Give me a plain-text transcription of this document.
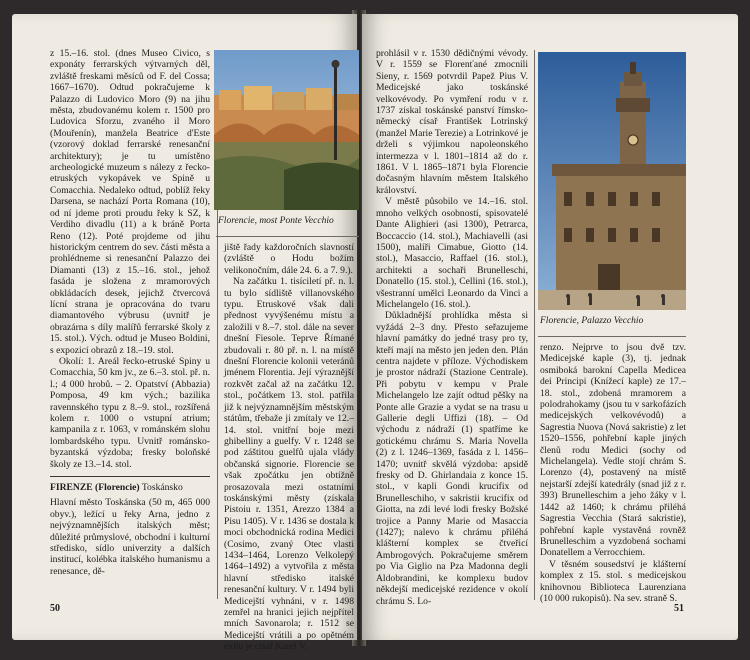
z 15.–16. stol. (dnes Museo Civico, s exponáty ferrarských výtvarných děl, zvláště freskami měsíců od F. del Cossa; 1667–1670). Odtud pokračujeme k Palazzo di Ludovico Moro (9) na jihu města, zbudovanému kolem r. 1500 pro Ludovica Sforzu, zvaného il Moro (Mouřenín), manžela Beatrice d'Este (vzorový doklad ferrarské renesanční architektury); je tu umístěno archeologické muzeum s nálezy z řecko-etruských vykopávek ve Spině u Comacchia. Nedaleko odtud, poblíž řeky Darsena, se nachází Porta Romana (10), od ní jdeme proti proudu řeky k SZ, k Verdiho divadlu (11) a k bráně Porta Reno (12). Poté projdeme od jihu historickým centrem do sev. části města a prohlédneme si renesanční Palazzo dei Diamanti (13) z 15.–16. stol., jehož fasáda je složena z mramorových obkládacích desek, jejichž čtvercová lícní strana je opracována do tvaru diamantového výbrusu (uvnitř je obrazárna s díly malířů ferrarské školy z 15. stol.). Vých. odtud je Museo Boldini, s expozicí obrazů z 18.–19. stol.

Okolí: 1. Areál řecko-etruské Spiny u Comacchia, 50 km jv., ze 6.–3. stol. př. n. l.; 4 000 hrobů. – 2. Opatství (Abbazia) Pomposa, 49 km vých.; bazilika ravennského typu z 8.–9. stol., rozšířená kolem r. 1000 o vstupní atrium; kampanila z r. 1063, v románském slohu lombardského typu. Uvnitř románsko-byzantská výzdoba; fresky boloňské školy ze 13.–14. stol.

FIRENZE (Florencie) Toskánsko

Hlavní město Toskánska (50 m, 465 000 obyv.), ležící u řeky Arna, jedno z nejvýznamnějších italských měst; důležité průmyslové, obchodní i kulturní středisko, sídlo univerzity a dalších institucí, kolébka italského humanismu a renesance, dě-

Florencie, most Ponte Vecchio

jiště řady každoročních slavností (zvláště o Hodu božím velikonočním, dále 24. 6. a 7. 9.).

Na začátku 1. tisíciletí př. n. l. tu bylo sídliště villanovského typu. Etruskové však dali přednost vyvýšenému místu a založili v 8.–7. stol. dále na sever dnešní Fiesole. Teprve Římané zbudovali r. 80 př. n. l. na místě dnešní Florencie kolonii veteránů jménem Florentia. Její výraznější rozkvět začal až na začátku 12. stol., počátkem 13. stol. patřila již k nejvýznamnějším městským státům, třebaže ji zmítaly ve 12.–14. stol. vnitřní boje mezi ghibelliny a guelfy. V r. 1248 se pod záštitou guelfů ujala vlády občanská signorie. Florencie se však zpočátku jen obtížně prosazovala mezi ostatními toskánskými městy (získala Pistoiu r. 1351, Arezzo 1384 a Pisu 1405). V r. 1436 se dostala k moci obchodnická rodina Medici (Cosimo, zvaný Otec vlasti 1434–1464, Lorenzo Velkolepý 1464–1492) a vytvořila z města hlavní středisko italské renesanční kultury. V r. 1494 byli Medicejští vyhnáni, v r. 1498 zemřel na hranici jejich nejpřítel mních Savonarola; r. 1512 se Medicejští vrátili a po opětném exilu je císař Karel V.

50

prohlásil v r. 1530 dědičnými vévody. V r. 1559 se Florenťané zmocnili Sieny, r. 1569 potvrdil Papež Pius V. Medicejské jako toskánské velkovévody. Po vymření rodu v r. 1737 získal toskánské panství římsko-německý císař František Lotrinský (manžel Marie Terezie) a Lotrinkové je drželi s výjimkou napoleonského intermezza v l. 1801–1814 až do r. 1861. V l. 1865–1871 byla Florencie dočasným hlavním městem Italského království.

V městě působilo ve 14.–16. stol. mnoho velkých osobností, spisovatelé Dante Alighieri (asi 1300), Petrarca, Boccaccio (14. stol.), Machiavelli (asi 1500), malíři Cimabue, Giotto (14. stol.), Masaccio, Raffael (16. stol.), architekti a sochaři Brunelleschi, Donatello (15. stol.), Cellini (16. stol.), všestranní umělci Leonardo da Vinci a Michelangelo (16. stol.).

Důkladnější prohlídka města si vyžádá 2–3 dny. Přesto seřazujeme hlavní památky do jedné trasy pro ty, kteří mají na město jen jeden den. Plán centra najdete v příloze. Východiskem je prostor nádraží (Stazione Centrale). Při pobytu v kempu v Prale Michelangelo lze zajít odtud pěšky na Ponte alle Grazie a vydat se na trasu u Gallerie degli Uffizi (18). – Od východu z nádraží (1) spatříme ke gotickému chrámu S. Maria Novella (2) z l. 1246–1369, fasáda z l. 1456–1470; uvnitř skvělá výzdoba: apsidě fresky od D. Ghirlandaia z konce 15. stol., v kapli Gondi krucifix od Brunelleschiho, v sakristii krucifix od Giotta, na zdi levé lodi fresky Božské trojice a Panny Marie od Masaccia (1427); nalevo k chrámu přiléhá klášterní komplex se čtveřicí Ambrogových. Pokračujeme směrem po Via Giglio na Pza Madonna degli Aldobrandini, ke komplexu budov někdejší medicejské rezidence v okolí chrámu S. Lo-

Florencie, Palazzo Vecchio

renzo. Nejprve to jsou dvě tzv. Medicejské kaple (3), tj. jednak osmiboká barokní Capella Medicea dei Principi (Knížecí kaple) ze 17.–18. stol., zdobená mramorem a polodrahokamy (jsou tu v sarkofázích medicejských velkovévodů) a Sagrestia Nuova (Nová sakristie) z let 1520–1556, pohřební kaple jiných členů rodu Medici (sochy od Michelangela). Vedle stojí chrám S. Lorenzo (4), postavený na místě nejstarší zdejší katedrály (snad již z r. 393) Brunelleschim a jeho žáky v l. 1442 až 1460; k chrámu přiléhá Sagrestia Vecchia (Stará sakristie), pohřební kaple vystavěná rovněž Brunelleschim a vyzdobená sochami Donatellem a Verrocchiem.

V těsném sousedství je klášterní komplex z 15. stol. s medicejskou knihovnou Biblioteca Laurenziana (10 000 rukopisů). Na sev. straně S.

51
